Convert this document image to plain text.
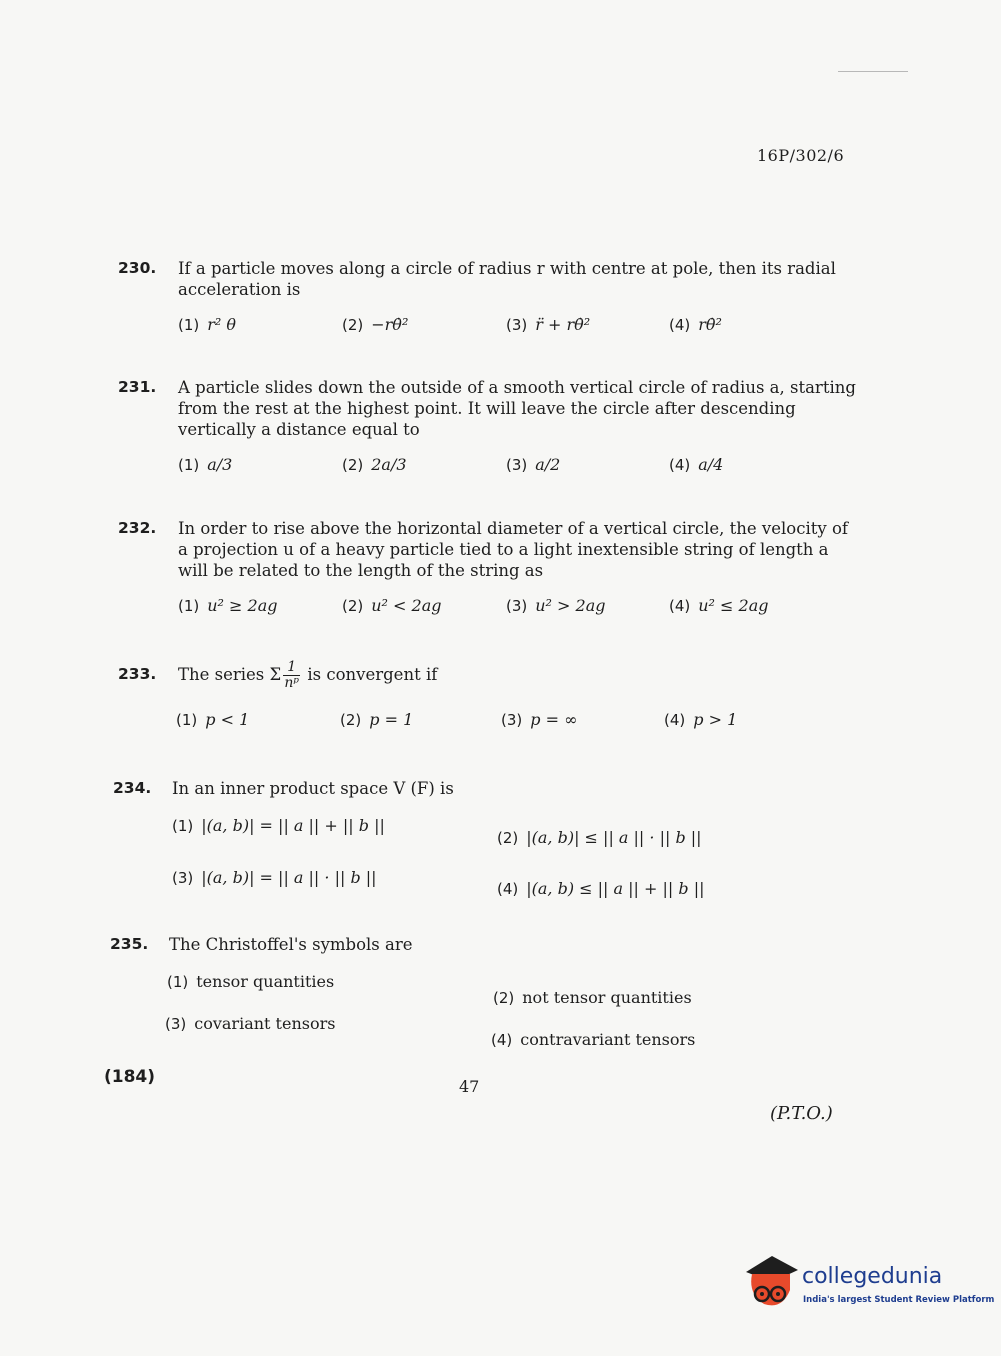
16P/302/6
230. If a particle moves along a circle of radius r with centre at pole, then its radial acceleration is
(1) r² θ	(2) −rθ̇²	(3) r̈ + rθ̇²	(4) rθ̇²
231. A particle slides down the outside of a smooth vertical circle of radius a, starting from the rest at the highest point. It will leave the circle after descending vertically a distance equal to
(1) a/3	(2) 2a/3	(3) a/2	(4) a/4
232. In order to rise above the horizontal diameter of a vertical circle, the velocity of a projection u of a heavy particle tied to a light inextensible string of length a will be related to the length of the string as
(1) u² ≥ 2ag	(2) u² < 2ag	(3) u² > 2ag	(4) u² ≤ 2ag
233. The series Σ $\frac{1}{\text{nᵖ}}$ is convergent if
(1) p < 1	(2) p = 1	(3) p = ∞	(4) p > 1
234. In an inner product space V (F) is
(1) |(a, b)| = || a || + || b ||
(2) |(a, b)| ≤ || a || · || b ||
(3) |(a, b)| = || a || · || b ||
(4) |(a, b) ≤ || a || + || b ||
235. The Christoffel's symbols are
(1) tensor quantities
(2) not tensor quantities
(3) covariant tensors
(4) contravariant tensors
(184)	47
(P.T.O.)
collegedunia
India's largest Student Review Platform
